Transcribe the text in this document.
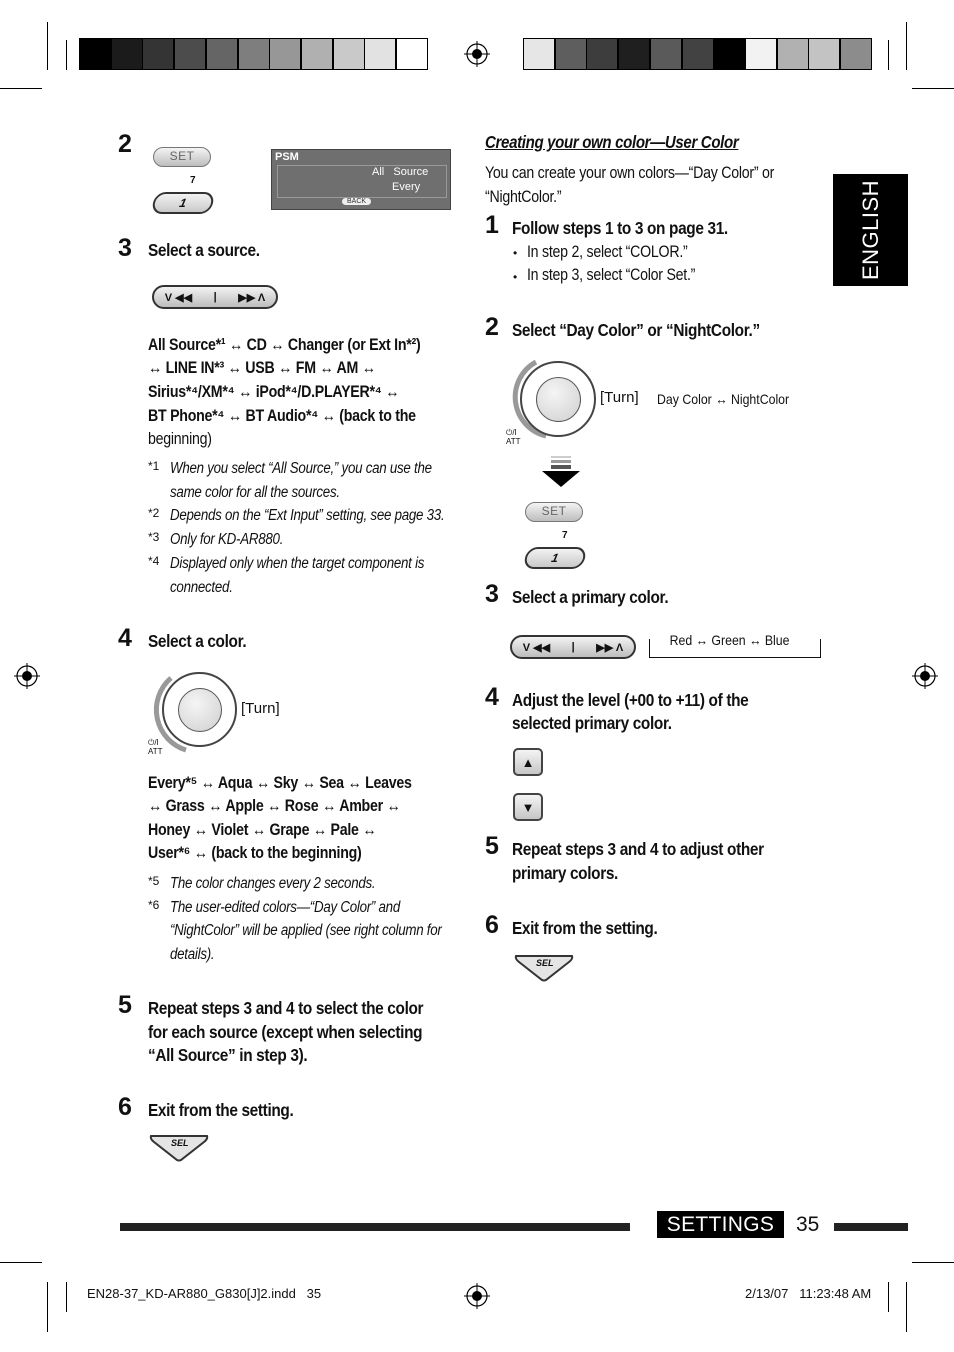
2	SET
7
1
PSM
All   Source
Every
BACK
3 Select a source.
V ◀◀ | ▶▶ Λ
All Source*¹ ↔ CD ↔ Changer (or Ext In*²)
↔ LINE IN*³ ↔ USB ↔ FM ↔ AM ↔
Sirius*⁴/XM*⁴ ↔ iPod*⁴/D.PLAYER*⁴ ↔
BT Phone*⁴ ↔ BT Audio*⁴ ↔ (back to the
beginning)
*1 When you select “All Source,” you can use the
same color for all the sources.
*2 Depends on the “Ext Input” setting, see page 33.
*3 Only for KD-AR880.
*4 Displayed only when the target component is
connected.
4 Select a color.
[Turn]
⏻/I ATT
Every*⁵ ↔ Aqua ↔ Sky ↔ Sea ↔ Leaves
↔ Grass ↔ Apple ↔ Rose ↔ Amber ↔
Honey ↔ Violet ↔ Grape ↔ Pale ↔
User*⁶ ↔ (back to the beginning)
*5 The color changes every 2 seconds.
*6 The user-edited colors—“Day Color” and
“NightColor” will be applied (see right column for
details).
5 Repeat steps 3 and 4 to select the color
for each source (except when selecting
“All Source” in step 3).
6 Exit from the setting.
SEL
Creating your own color—User Color
You can create your own colors—“Day Color” or
“NightColor.”
1 Follow steps 1 to 3 on page 31.
• In step 2, select “COLOR.”
• In step 3, select “Color Set.”
2 Select “Day Color” or “NightColor.”
[Turn]
⏻/I ATT
Day Color ↔ NightColor
SET
7
1
3 Select a primary color.
V ◀◀ | ▶▶ Λ	Red ↔ Green ↔ Blue
4 Adjust the level (+00 to +11) of the
selected primary color.
▲
▼
5 Repeat steps 3 and 4 to adjust other
primary colors.
6 Exit from the setting.
SEL
ENGLISH
SETTINGS	35
EN28-37_KD-AR880_G830[J]2.indd   35	2/13/07   11:23:48 AM
